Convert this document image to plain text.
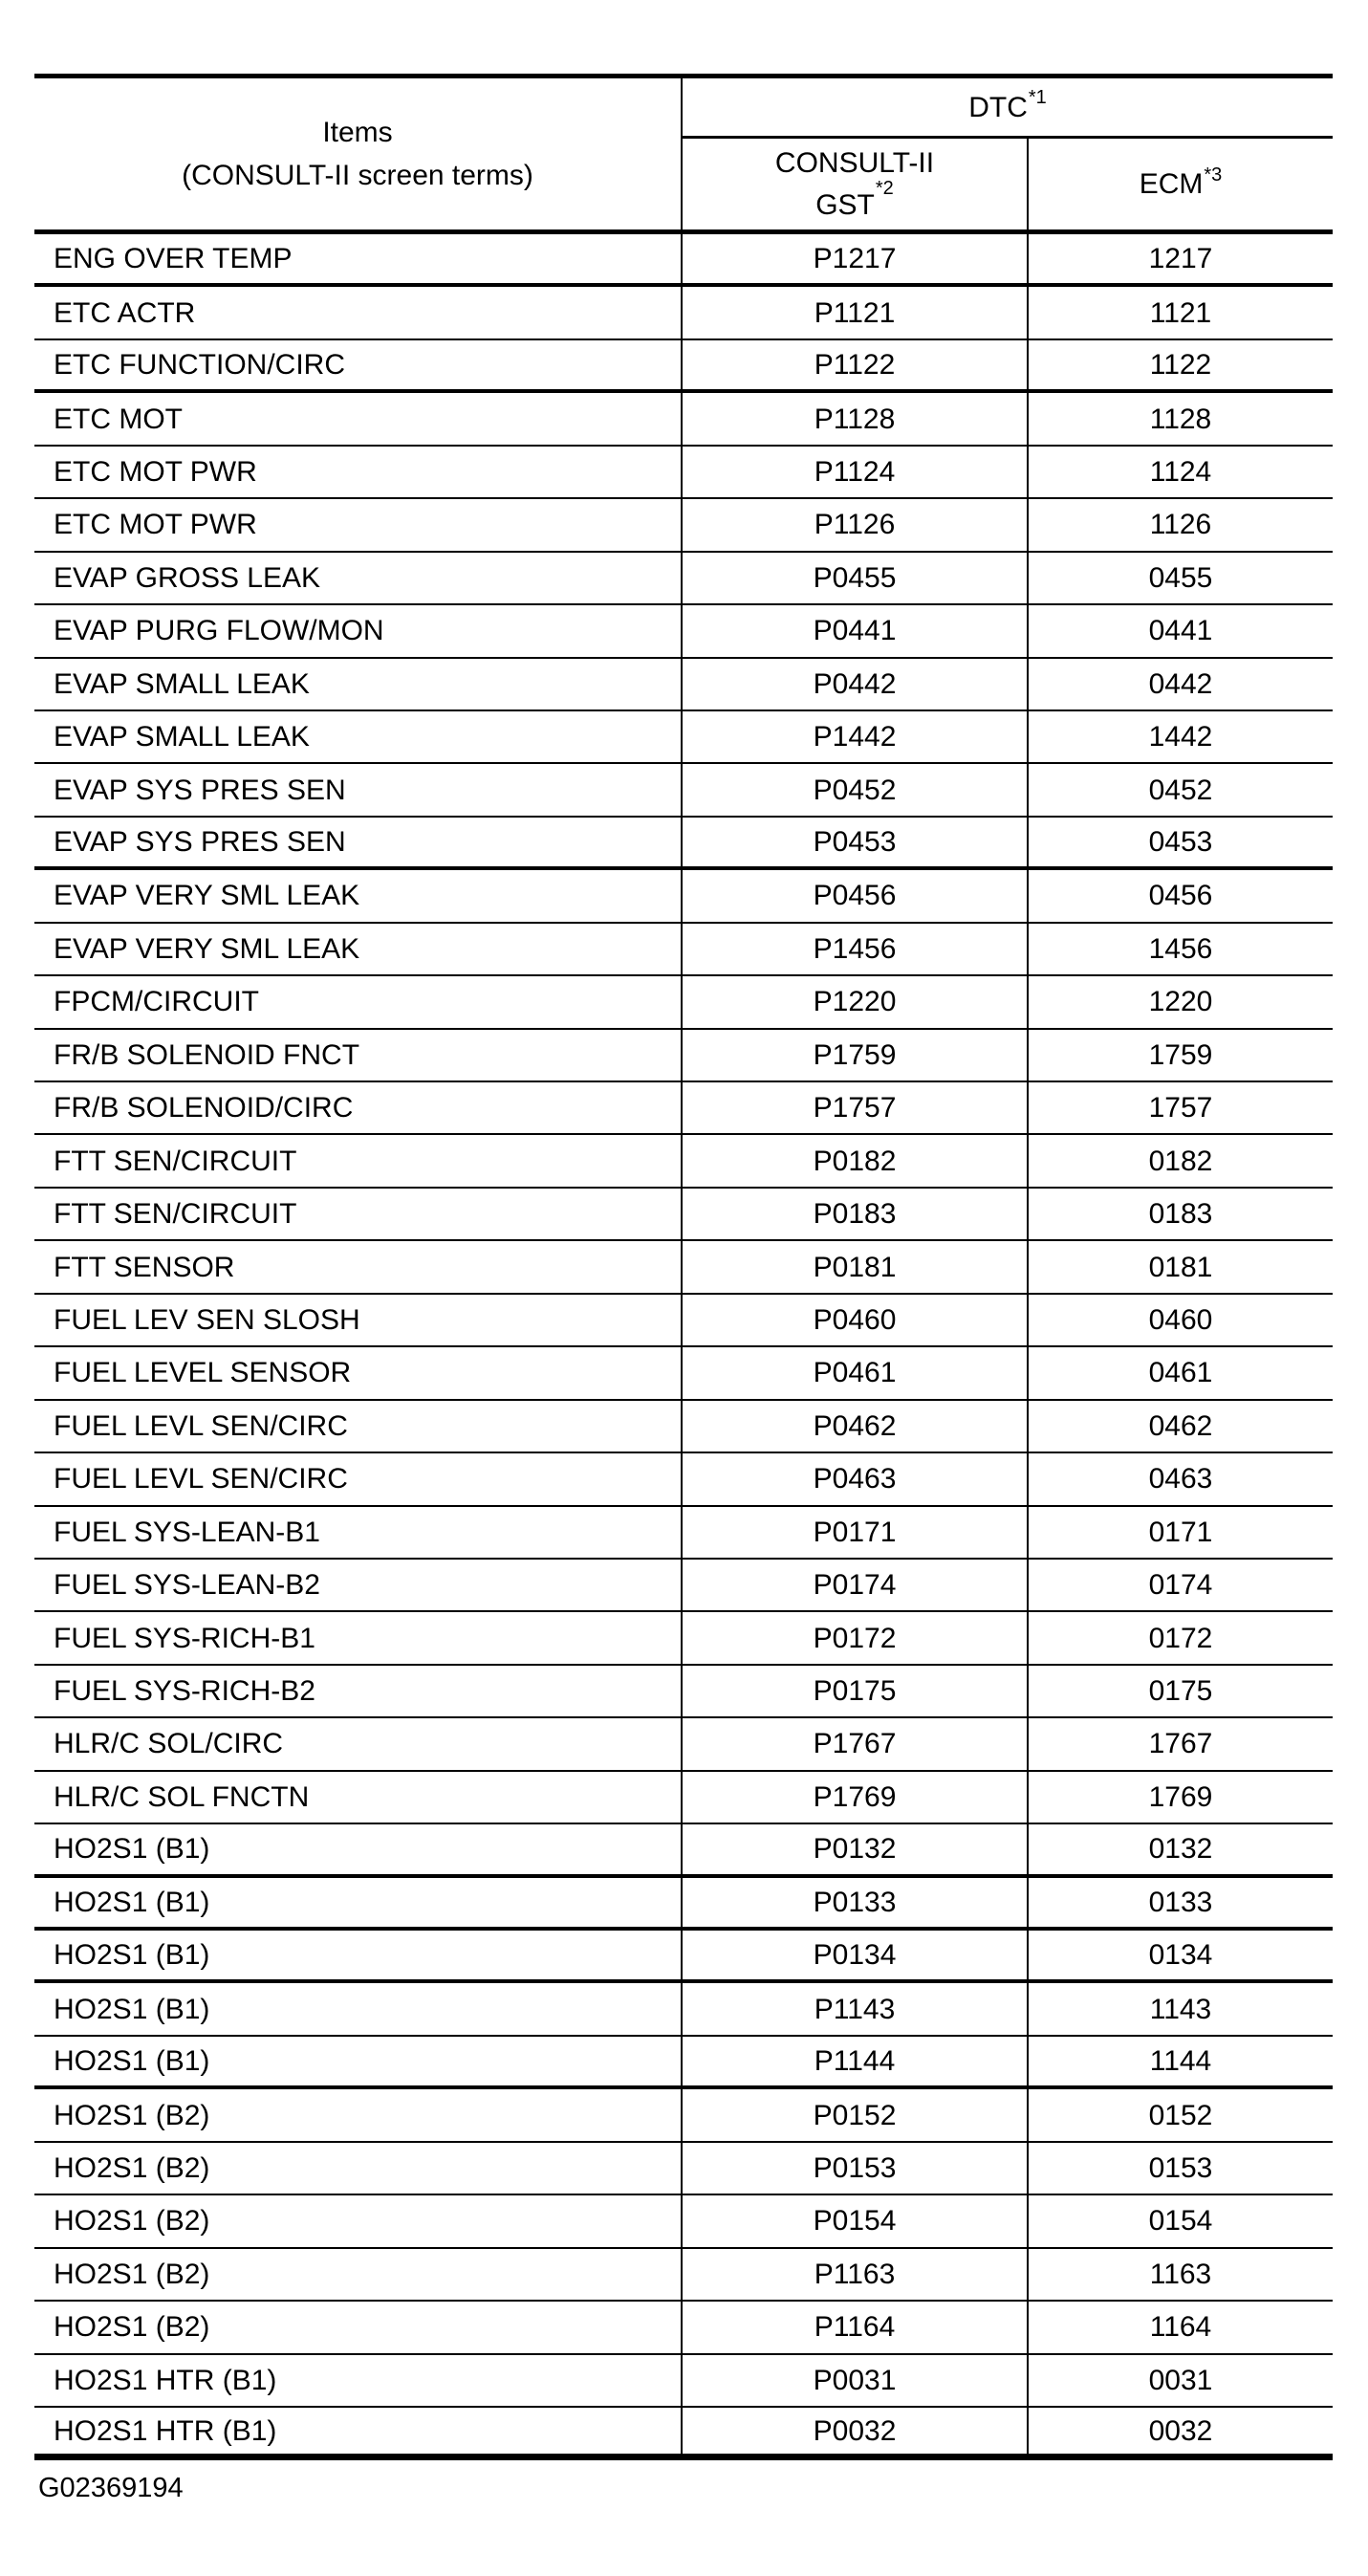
Items
(CONSULT-II screen terms)
DTC$^{*1}$
CONSULT-II
GST$^{*2}$	ECM$^{*3}$
ENG OVER TEMP	P1217	1217
ETC ACTR	P1121	1121
ETC FUNCTION/CIRC	P1122	1122
ETC MOT	P1128	1128
ETC MOT PWR	P1124	1124
ETC MOT PWR	P1126	1126
EVAP GROSS LEAK	P0455	0455
EVAP PURG FLOW/MON	P0441	0441
EVAP SMALL LEAK	P0442	0442
EVAP SMALL LEAK	P1442	1442
EVAP SYS PRES SEN	P0452	0452
EVAP SYS PRES SEN	P0453	0453
EVAP VERY SML LEAK	P0456	0456
EVAP VERY SML LEAK	P1456	1456
FPCM/CIRCUIT	P1220	1220
FR/B SOLENOID FNCT	P1759	1759
FR/B SOLENOID/CIRC	P1757	1757
FTT SEN/CIRCUIT	P0182	0182
FTT SEN/CIRCUIT	P0183	0183
FTT SENSOR	P0181	0181
FUEL LEV SEN SLOSH	P0460	0460
FUEL LEVEL SENSOR	P0461	0461
FUEL LEVL SEN/CIRC	P0462	0462
FUEL LEVL SEN/CIRC	P0463	0463
FUEL SYS-LEAN-B1	P0171	0171
FUEL SYS-LEAN-B2	P0174	0174
FUEL SYS-RICH-B1	P0172	0172
FUEL SYS-RICH-B2	P0175	0175
HLR/C SOL/CIRC	P1767	1767
HLR/C SOL FNCTN	P1769	1769
HO2S1 (B1)	P0132	0132
HO2S1 (B1)	P0133	0133
HO2S1 (B1)	P0134	0134
HO2S1 (B1)	P1143	1143
HO2S1 (B1)	P1144	1144
HO2S1 (B2)	P0152	0152
HO2S1 (B2)	P0153	0153
HO2S1 (B2)	P0154	0154
HO2S1 (B2)	P1163	1163
HO2S1 (B2)	P1164	1164
HO2S1 HTR (B1)	P0031	0031
HO2S1 HTR (B1)	P0032	0032
G02369194
